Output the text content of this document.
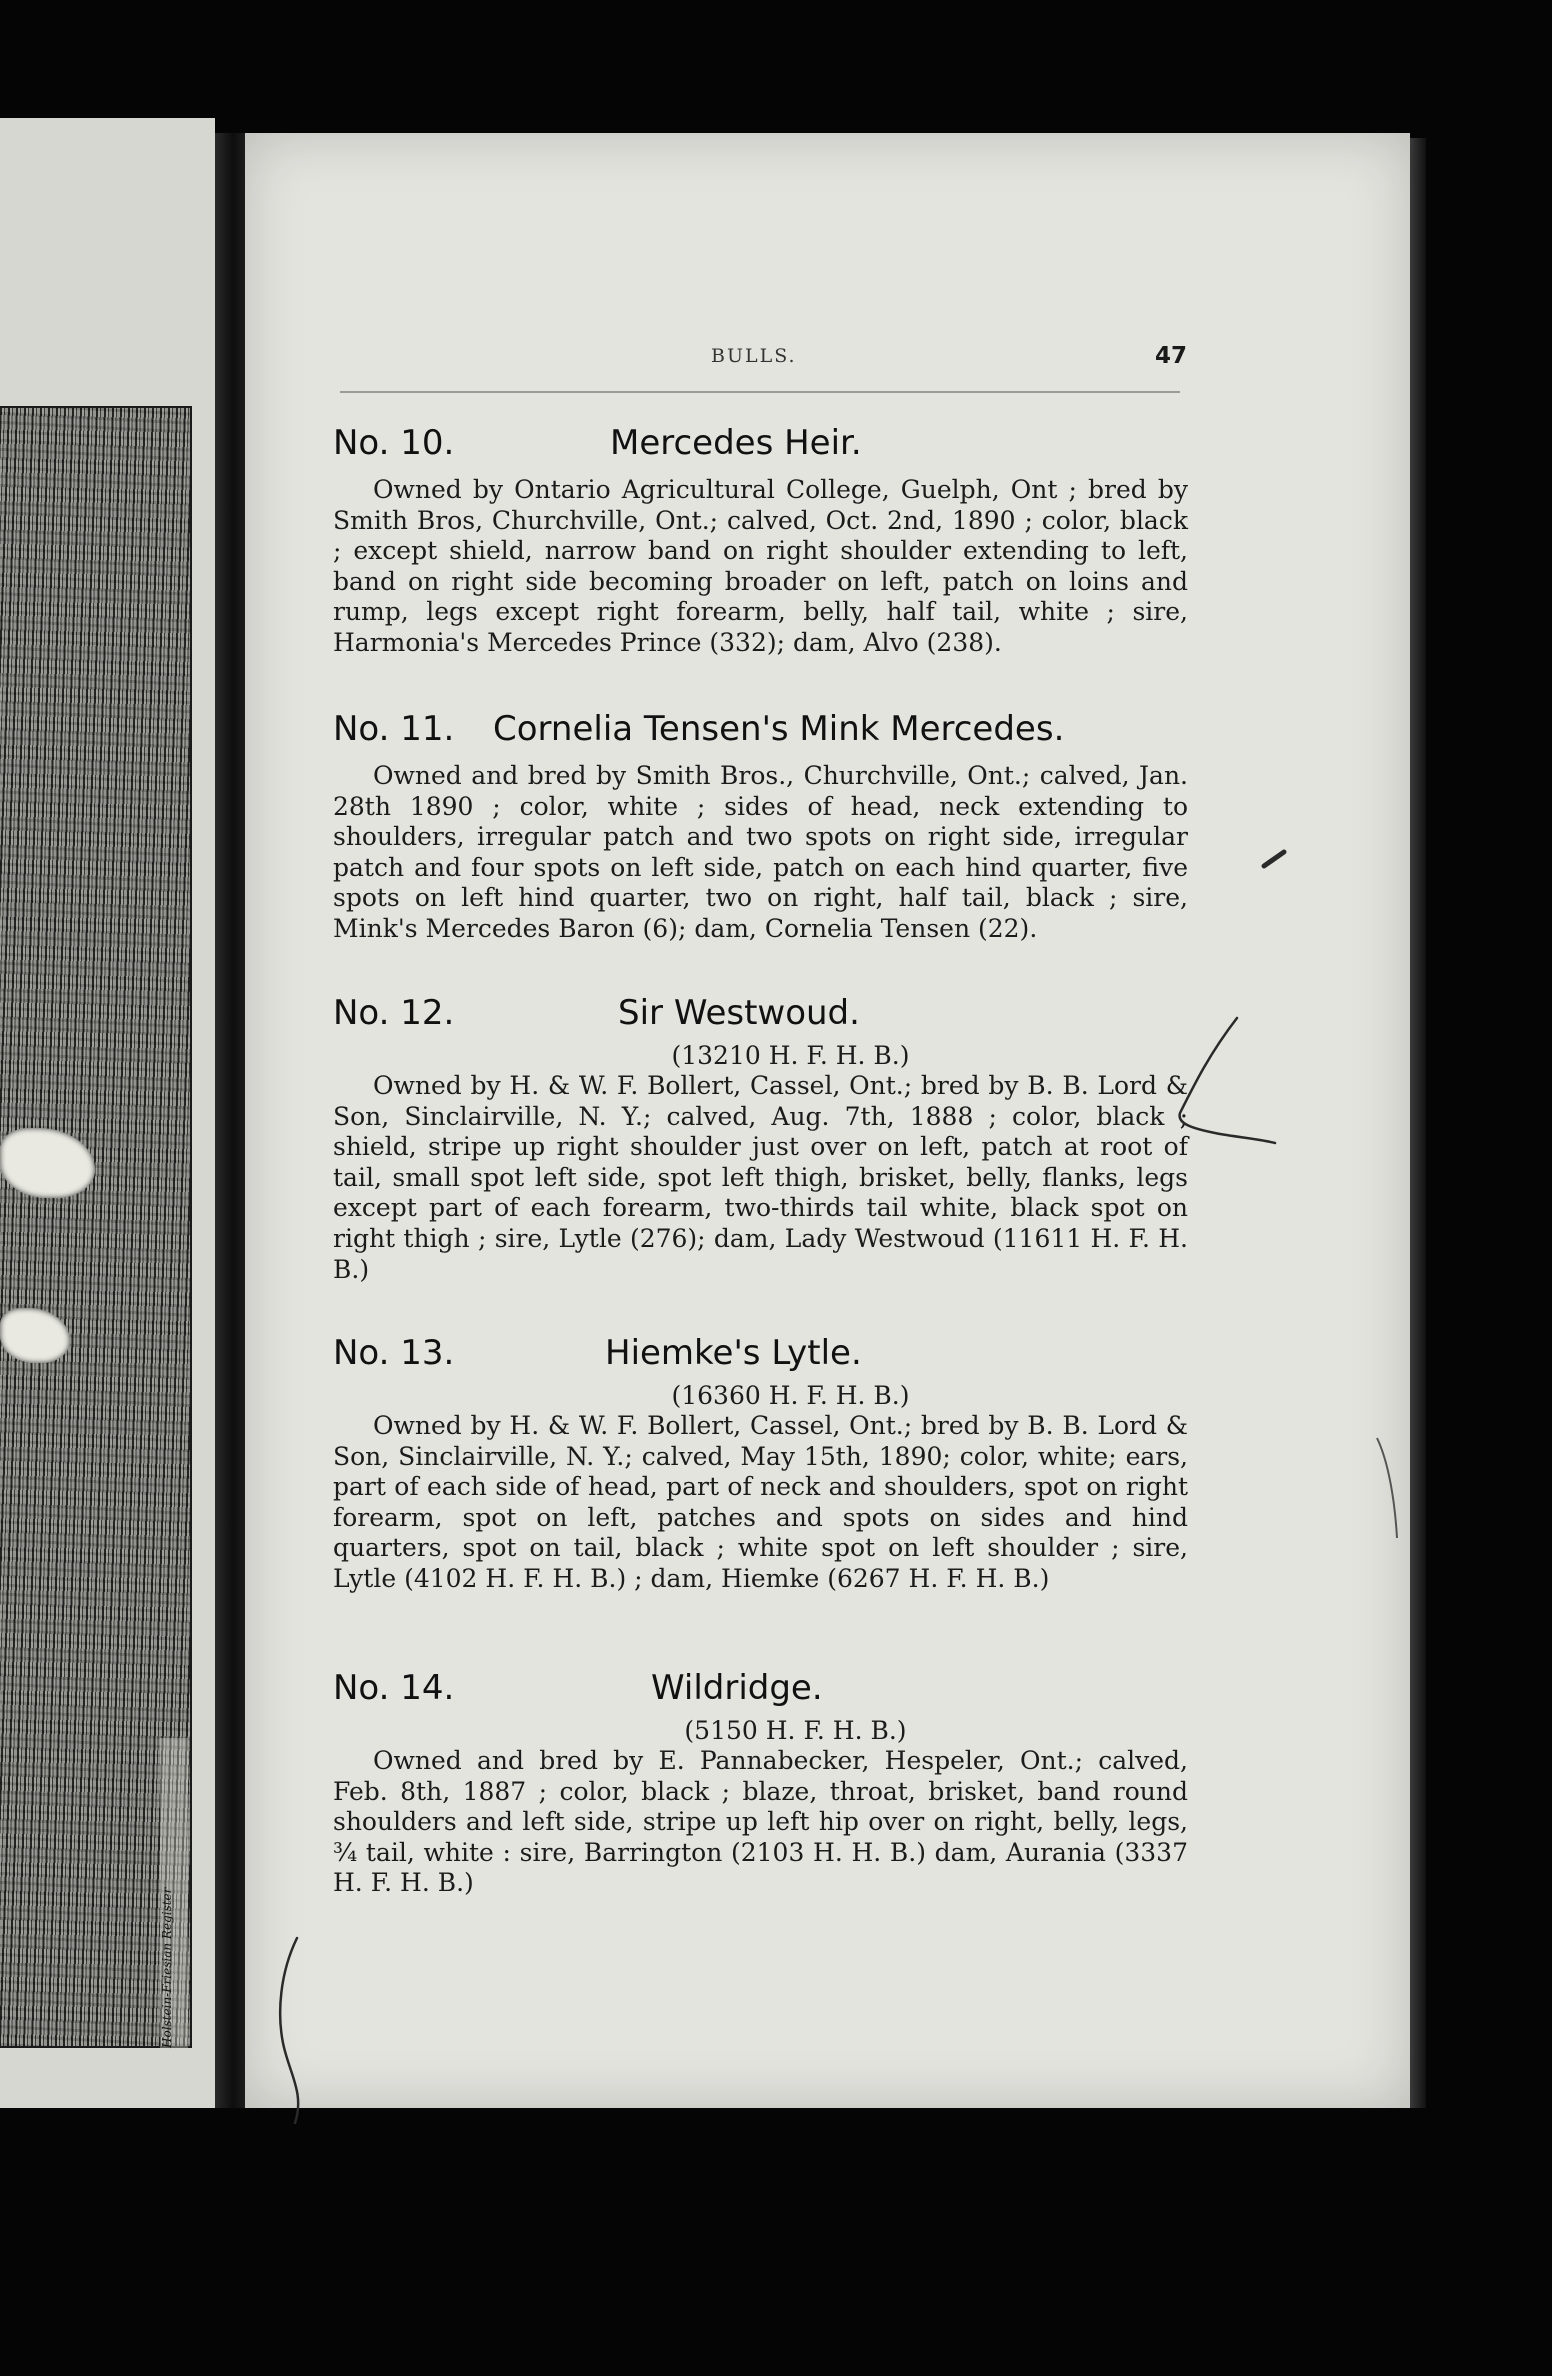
Holstein-Friesian Register
BULLS.	47
No. 10.	Mercedes Heir.

Owned by Ontario Agricultural College, Guelph, Ont ; bred by Smith Bros, Churchville, Ont.; calved, Oct. 2nd, 1890 ; color, black ; except shield, narrow band on right shoulder extending to left, band on right side becoming broader on left, patch on loins and rump, legs except right forearm, belly, half tail, white ; sire, Harmonia's Mercedes Prince (332); dam, Alvo (238).

No. 11. Cornelia Tensen's Mink Mercedes.

Owned and bred by Smith Bros., Churchville, Ont.; calved, Jan. 28th 1890 ; color, white ; sides of head, neck extending to shoulders, irregular patch and two spots on right side, irregular patch and four spots on left side, patch on each hind quarter, five spots on left hind quarter, two on right, half tail, black ; sire, Mink's Mercedes Baron (6); dam, Cornelia Tensen (22).

No. 12.	Sir Westwoud.
(13210 H. F. H. B.)

Owned by H. & W. F. Bollert, Cassel, Ont.; bred by B. B. Lord & Son, Sinclairville, N. Y.; calved, Aug. 7th, 1888 ; color, black ; shield, stripe up right shoulder just over on left, patch at root of tail, small spot left side, spot left thigh, brisket, belly, flanks, legs except part of each forearm, two-thirds tail white, black spot on right thigh ; sire, Lytle (276); dam, Lady Westwoud (11611 H. F. H. B.)

No. 13.	Hiemke's Lytle.
(16360 H. F. H. B.)

Owned by H. & W. F. Bollert, Cassel, Ont.; bred by B. B. Lord & Son, Sinclairville, N. Y.; calved, May 15th, 1890; color, white; ears, part of each side of head, part of neck and shoulders, spot on right forearm, spot on left, patches and spots on sides and hind quarters, spot on tail, black ; white spot on left shoulder ; sire, Lytle (4102 H. F. H. B.) ; dam, Hiemke (6267 H. F. H. B.)

No. 14.	Wildridge.
(5150 H. F. H. B.)

Owned and bred by E. Pannabecker, Hespeler, Ont.; calved, Feb. 8th, 1887 ; color, black ; blaze, throat, brisket, band round shoulders and left side, stripe up left hip over on right, belly, legs, ¾ tail, white : sire, Barrington (2103 H. H. B.) dam, Aurania (3337 H. F. H. B.)
